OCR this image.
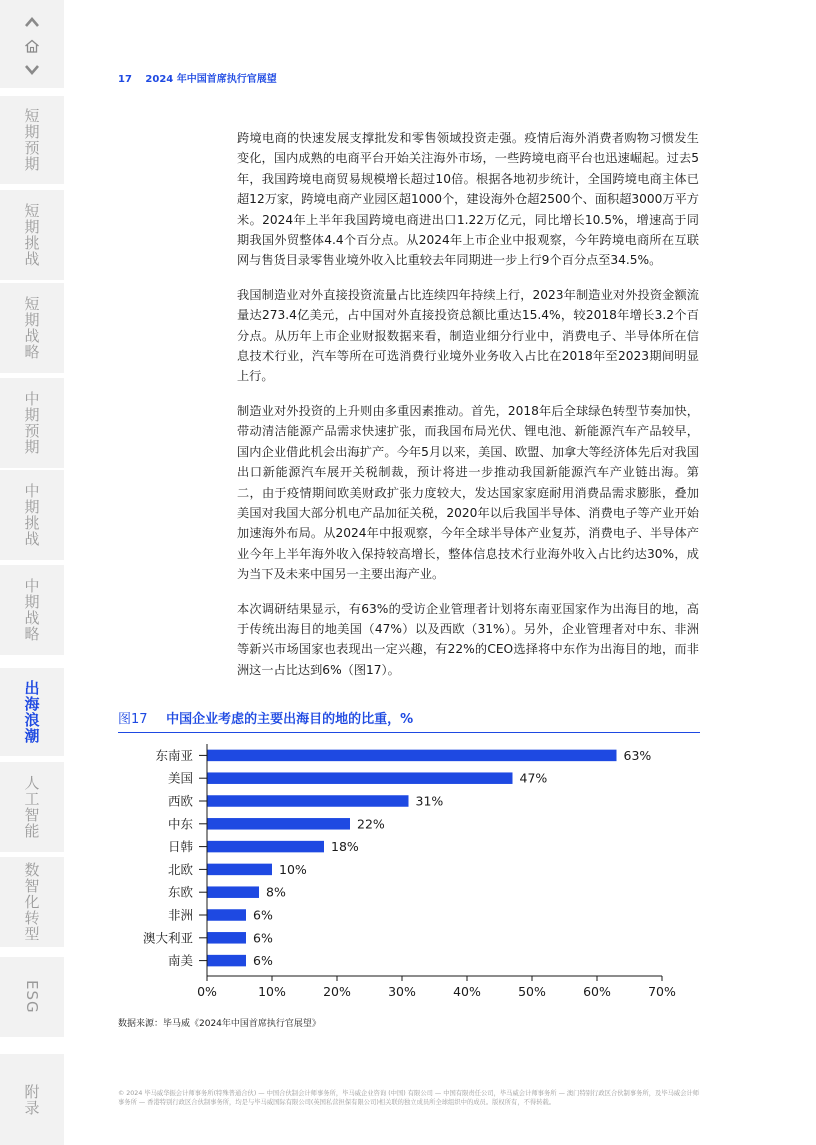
短期预期
短期挑战
短期战略
中期预期
中期挑战
中期战略
出海浪潮
人工智能
数智化转型
ESG
附录
17 2024 年中国首席执行官展望

跨境电商的快速发展支撑批发和零售领域投资走强。疫情后海外消费者购物习惯发生变化，国内成熟的电商平台开始关注海外市场，一些跨境电商平台也迅速崛起。过去5年，我国跨境电商贸易规模增长超过10倍。根据各地初步统计，全国跨境电商主体已超12万家，跨境电商产业园区超1000个，建设海外仓超2500个、面积超3000万平方米。2024年上半年我国跨境电商进出口1.22万亿元，同比增长10.5%，增速高于同期我国外贸整体4.4个百分点。从2024年上市企业中报观察，今年跨境电商所在互联网与售货目录零售业境外收入比重较去年同期进一步上行9个百分点至34.5%。

我国制造业对外直接投资流量占比连续四年持续上行，2023年制造业对外投资金额流量达273.4亿美元，占中国对外直接投资总额比重达15.4%，较2018年增长3.2个百分点。从历年上市企业财报数据来看，制造业细分行业中，消费电子、半导体所在信息技术行业，汽车等所在可选消费行业境外业务收入占比在2018年至2023期间明显上行。

制造业对外投资的上升则由多重因素推动。首先，2018年后全球绿色转型节奏加快，带动清洁能源产品需求快速扩张，而我国布局光伏、锂电池、新能源汽车产品较早，国内企业借此机会出海扩产。今年5月以来，美国、欧盟、加拿大等经济体先后对我国出口新能源汽车展开关税制裁，预计将进一步推动我国新能源汽车产业链出海。第二，由于疫情期间欧美财政扩张力度较大，发达国家家庭耐用消费品需求膨胀，叠加美国对我国大部分机电产品加征关税，2020年以后我国半导体、消费电子等产业开始加速海外布局。从2024年中报观察，今年全球半导体产业复苏，消费电子、半导体产业今年上半年海外收入保持较高增长，整体信息技术行业海外收入占比约达30%，成为当下及未来中国另一主要出海产业。

本次调研结果显示，有63%的受访企业管理者计划将东南亚国家作为出海目的地，高于传统出海目的地美国（47%）以及西欧（31%）。另外，企业管理者对中东、非洲等新兴市场国家也表现出一定兴趣，有22%的CEO选择将中东作为出海目的地，而非洲这一占比达到6%（图17）。

图17 中国企业考虑的主要出海目的地的比重，%
东南亚	63%
美国	47%
西欧	31%
中东	22%
日韩	18%
北欧	10%
东欧	8%
非洲	6%
澳大利亚	6%
南美	6%
0%	10%	20%	30%	40%	50%	60%	70%
数据来源：毕马威《2024年中国首席执行官展望》
© 2024 毕马威华振会计师事务所(特殊普通合伙) — 中国合伙制会计师事务所，毕马威企业咨询 (中国) 有限公司 — 中国有限责任公司，毕马威会计师事务所 — 澳门特别行政区合伙制事务所，及毕马威会计师事务所 — 香港特别行政区合伙制事务所，均是与毕马威国际有限公司(英国私营担保有限公司)相关联的独立成员所全球组织中的成员。版权所有，不得转载。
